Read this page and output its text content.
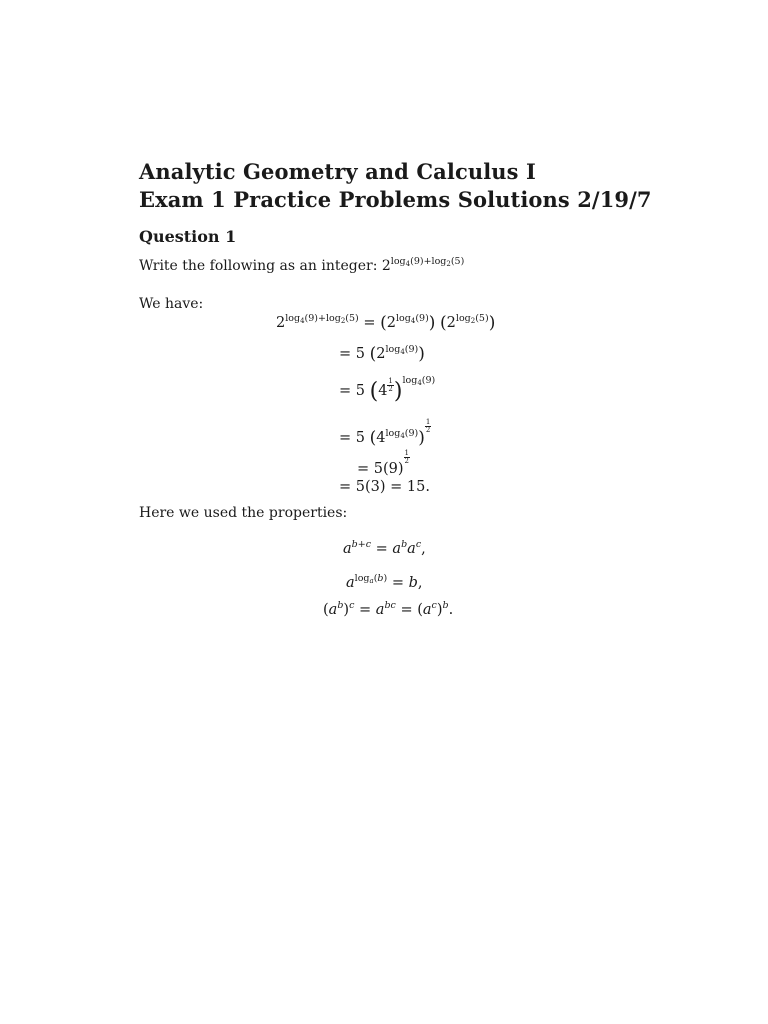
Analytic Geometry and Calculus I
Exam 1 Practice Problems Solutions 2/19/7
Question 1
Write the following as an integer: $2^{log_4(9)+log_2(5)}$
We have:
$2^{log_4(9)+log_2(5)} = (2^{log_4(9)})$ $(2^{log_2(5)})$
= 5 $(2^{log_4(9)})$
= 5 $(4 \frac{1}{2} )^{log_4(9)}$
= 5 $(4^{log_4(9)})$
$\frac{1}{2}$
= 5(9)
$\frac{1}{2}$
= 5(3) = 15.
Here we used the properties:
$a^{b+c} = a^ba^c$,
$a^{log_a(b)} = b$,
$(a^b)^c = a^{bc} = (a^c)^b$.
